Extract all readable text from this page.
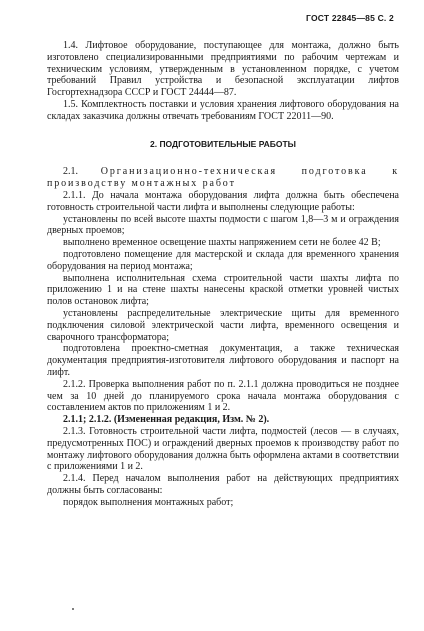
ГОСТ 22845—85 С. 2

1.4. Лифтовое оборудование, поступающее для монтажа, должно быть изготовлено специализированными предприятиями по рабочим чертежам и техническим условиям, утвержденным в установленном порядке, с учетом требований Правил устройства и безопасной эксплуатации лифтов Госгортехнадзора СССР и ГОСТ 24444—87.

1.5. Комплектность поставки и условия хранения лифтового оборудования на складах заказчика должны отвечать требованиям ГОСТ 22011—90.

2. ПОДГОТОВИТЕЛЬНЫЕ РАБОТЫ

2.1. Организационно-техническая подготовка к производству монтажных работ

2.1.1. До начала монтажа оборудования лифта должна быть обеспечена готовность строительной части лифта и выполнены следующие работы:

установлены по всей высоте шахты подмости с шагом 1,8—3 м и ограждения дверных проемов;

выполнено временное освещение шахты напряжением сети не более 42 В;

подготовлено помещение для мастерской и склада для временного хранения оборудования на период монтажа;

выполнена исполнительная схема строительной части шахты лифта по приложению 1 и на стене шахты нанесены краской отметки уровней чистых полов остановок лифта;

установлены распределительные электрические щиты для временного подключения силовой электрической части лифта, временного освещения и сварочного трансформатора;

подготовлена проектно-сметная документация, а также техническая документация предприятия-изготовителя лифтового оборудования и паспорт на лифт.

2.1.2. Проверка выполнения работ по п. 2.1.1 должна проводиться не позднее чем за 10 дней до планируемого срока начала монтажа оборудования с составлением актов по приложениям 1 и 2.

2.1.1; 2.1.2. (Измененная редакция, Изм. № 2).

2.1.3. Готовность строительной части лифта, подмостей (лесов — в случаях, предусмотренных ПОС) и ограждений дверных проемов к производству работ по монтажу лифтового оборудования должна быть оформлена актами в соответствии с приложениями 1 и 2.

2.1.4. Перед началом выполнения работ на действующих предприятиях должны быть согласованы:

порядок выполнения монтажных работ;
